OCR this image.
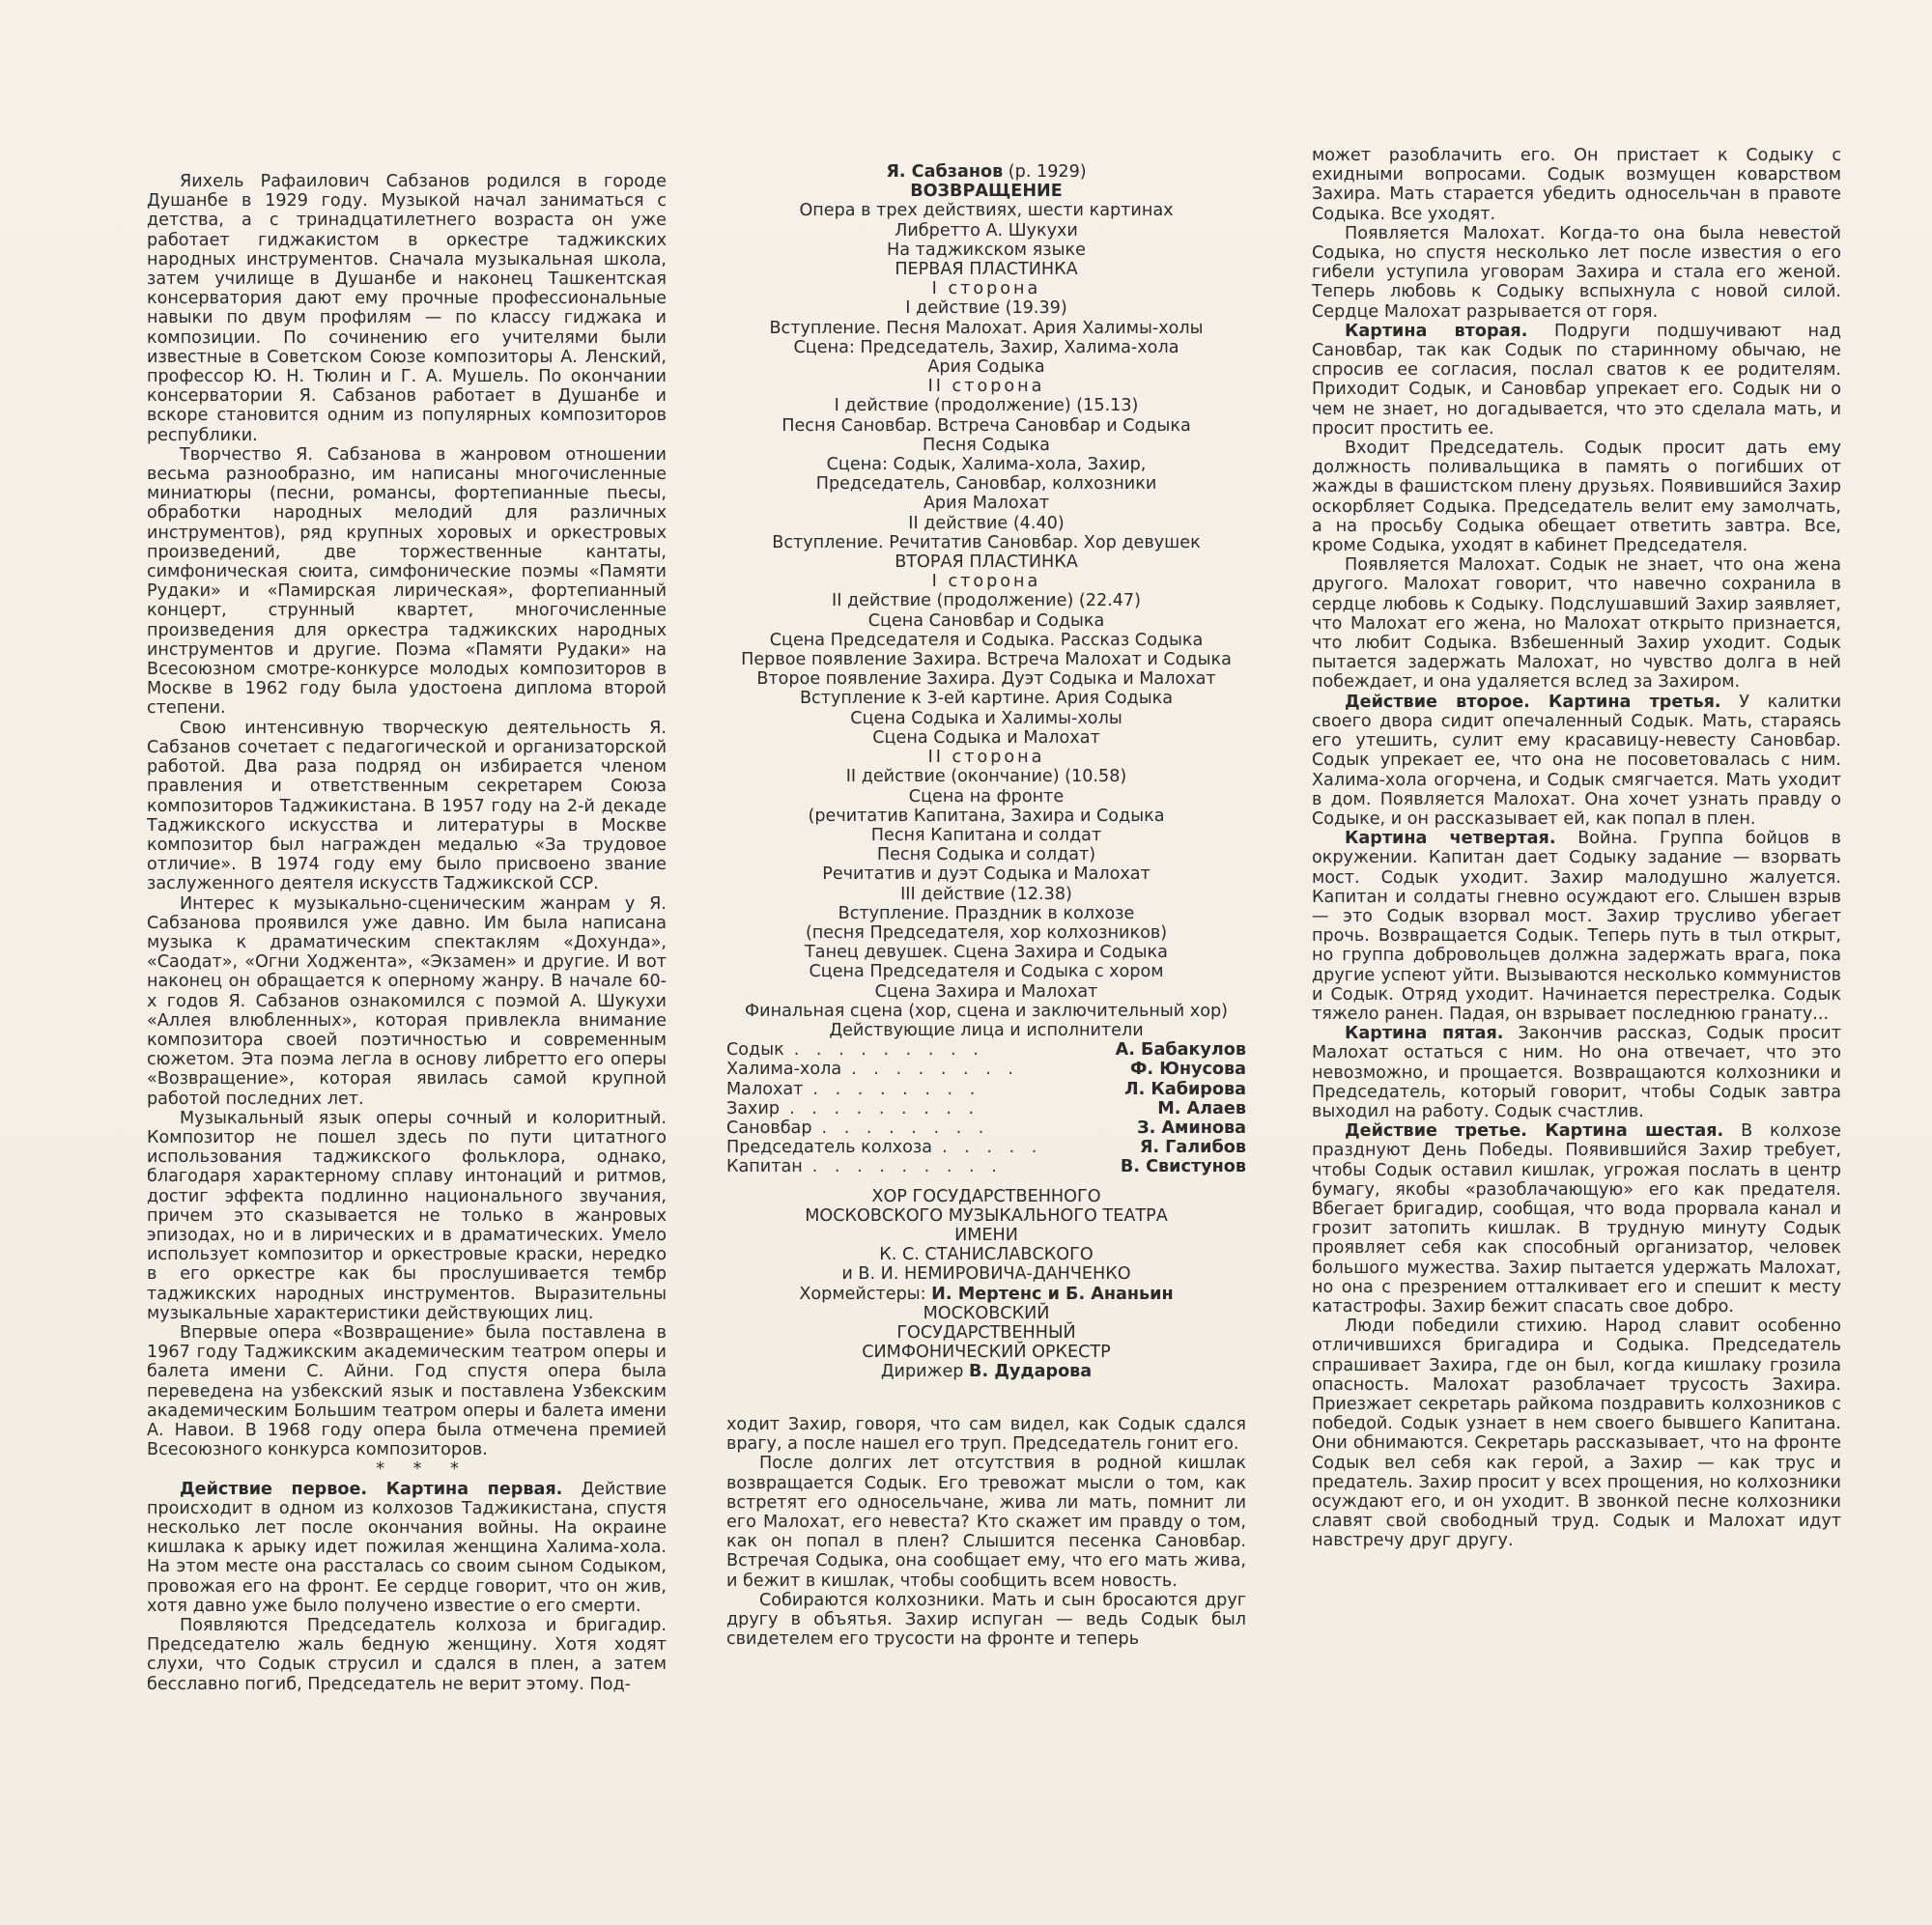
Яихель Рафаилович Сабзанов родился в городе Душанбе в 1929 году. Музыкой начал заниматься с детства, а с тринадцатилетнего возраста он уже работает гиджакистом в оркестре таджикских народных инструментов. Сначала музыкальная школа, затем училище в Душанбе и наконец Ташкентская консерватория дают ему прочные профессиональные навыки по двум профилям — по классу гиджака и композиции. По сочинению его учителями были известные в Советском Союзе композиторы А. Ленский, профессор Ю. Н. Тюлин и Г. А. Мушель. По окончании консерватории Я. Сабзанов работает в Душанбе и вскоре становится одним из популярных композиторов республики.

Творчество Я. Сабзанова в жанровом отношении весьма разнообразно, им написаны многочисленные миниатюры (песни, романсы, фортепианные пьесы, обработки народных мелодий для различных инструментов), ряд крупных хоровых и оркестровых произведений, две торжественные кантаты, симфоническая сюита, симфонические поэмы «Памяти Рудаки» и «Памирская лирическая», фортепианный концерт, струнный квартет, многочисленные произведения для оркестра таджикских народных инструментов и другие. Поэма «Памяти Рудаки» на Всесоюзном смотре-конкурсе молодых композиторов в Москве в 1962 году была удостоена диплома второй степени.

Свою интенсивную творческую деятельность Я. Сабзанов сочетает с педагогической и организаторской работой. Два раза подряд он избирается членом правления и ответственным секретарем Союза композиторов Таджикистана. В 1957 году на 2-й декаде Таджикского искусства и литературы в Москве композитор был награжден медалью «За трудовое отличие». В 1974 году ему было присвоено звание заслуженного деятеля искусств Таджикской ССР.

Интерес к музыкально-сценическим жанрам у Я. Сабзанова проявился уже давно. Им была написана музыка к драматическим спектаклям «Дохунда», «Саодат», «Огни Ходжента», «Экзамен» и другие. И вот наконец он обращается к оперному жанру. В начале 60-х годов Я. Сабзанов ознакомился с поэмой А. Шукухи «Аллея влюбленных», которая привлекла внимание композитора своей поэтичностью и современным сюжетом. Эта поэма легла в основу либретто его оперы «Возвращение», которая явилась самой крупной работой последних лет.

Музыкальный язык оперы сочный и колоритный. Композитор не пошел здесь по пути цитатного использования таджикского фольклора, однако, благодаря характерному сплаву интонаций и ритмов, достиг эффекта подлинно национального звучания, причем это сказывается не только в жанровых эпизодах, но и в лирических и в драматических. Умело использует композитор и оркестровые краски, нередко в его оркестре как бы прослушивается тембр таджикских народных инструментов. Выразительны музыкальные характеристики действующих лиц.

Впервые опера «Возвращение» была поставлена в 1967 году Таджикским академическим театром оперы и балета имени С. Айни. Год спустя опера была переведена на узбекский язык и поставлена Узбекским академическим Большим театром оперы и балета имени А. Навои. В 1968 году опера была отмечена премией Всесоюзного конкурса композиторов.

* * *

Действие первое. Картина первая. Действие происходит в одном из колхозов Таджикистана, спустя несколько лет после окончания войны. На окраине кишлака к арыку идет пожилая женщина Халима-хола. На этом месте она рассталась со своим сыном Содыком, провожая его на фронт. Ее сердце говорит, что он жив, хотя давно уже было получено известие о его смерти.

Появляются Председатель колхоза и бригадир. Председателю жаль бедную женщину. Хотя ходят слухи, что Содык струсил и сдался в плен, а затем бесславно погиб, Председатель не верит этому. Под-

Я. Сабзанов (р. 1929)
ВОЗВРАЩЕНИЕ
Опера в трех действиях, шести картинах
Либретто А. Шукухи
На таджикском языке
ПЕРВАЯ ПЛАСТИНКА
I сторона
I действие (19.39)
Вступление. Песня Малохат. Ария Халимы-холы
Сцена: Председатель, Захир, Халима-хола
Ария Содыка
II сторона
I действие (продолжение) (15.13)
Песня Сановбар. Встреча Сановбар и Содыка
Песня Содыка
Сцена: Содык, Халима-хола, Захир,
Председатель, Сановбар, колхозники
Ария Малохат
II действие (4.40)
Вступление. Речитатив Сановбар. Хор девушек
ВТОРАЯ ПЛАСТИНКА
I сторона
II действие (продолжение) (22.47)
Сцена Сановбар и Содыка
Сцена Председателя и Содыка. Рассказ Содыка
Первое появление Захира. Встреча Малохат и Содыка
Второе появление Захира. Дуэт Содыка и Малохат
Вступление к 3-ей картине. Ария Содыка
Сцена Содыка и Халимы-холы
Сцена Содыка и Малохат
II сторона
II действие (окончание) (10.58)
Сцена на фронте
(речитатив Капитана, Захира и Содыка
Песня Капитана и солдат
Песня Содыка и солдат)
Речитатив и дуэт Содыка и Малохат
III действие (12.38)
Вступление. Праздник в колхозе
(песня Председателя, хор колхозников)
Танец девушек. Сцена Захира и Содыка
Сцена Председателя и Содыка с хором
Сцена Захира и Малохат
Финальная сцена (хор, сцена и заключительный хор)
Действующие лица и исполнители
Содык . . . . . . . . .	А. Бабакулов
Халима-хола . . . . . . . .	Ф. Юнусова
Малохат . . . . . . . .	Л. Кабирова
Захир . . . . . . . . .	М. Алаев
Сановбар . . . . . . . .	З. Аминова
Председатель колхоза . . . . .	Я. Галибов
Капитан . . . . . . . . .	В. Свистунов
ХОР ГОСУДАРСТВЕННОГО
МОСКОВСКОГО МУЗЫКАЛЬНОГО ТЕАТРА
ИМЕНИ
К. С. СТАНИСЛАВСКОГО
и В. И. НЕМИРОВИЧА-ДАНЧЕНКО
Хормейстеры: И. Мертенс и Б. Ананьин
МОСКОВСКИЙ
ГОСУДАРСТВЕННЫЙ
СИМФОНИЧЕСКИЙ ОРКЕСТР
Дирижер В. Дударова

ходит Захир, говоря, что сам видел, как Содык сдался врагу, а после нашел его труп. Председатель гонит его.

После долгих лет отсутствия в родной кишлак возвращается Содык. Его тревожат мысли о том, как встретят его односельчане, жива ли мать, помнит ли его Малохат, его невеста? Кто скажет им правду о том, как он попал в плен? Слышится песенка Сановбар. Встречая Содыка, она сообщает ему, что его мать жива, и бежит в кишлак, чтобы сообщить всем новость.

Собираются колхозники. Мать и сын бросаются друг другу в объятья. Захир испуган — ведь Содык был свидетелем его трусости на фронте и теперь

может разоблачить его. Он пристает к Содыку с ехидными вопросами. Содык возмущен коварством Захира. Мать старается убедить односельчан в правоте Содыка. Все уходят.

Появляется Малохат. Когда-то она была невестой Содыка, но спустя несколько лет после известия о его гибели уступила уговорам Захира и стала его женой. Теперь любовь к Содыку вспыхнула с новой силой. Сердце Малохат разрывается от горя.

Картина вторая. Подруги подшучивают над Сановбар, так как Содык по старинному обычаю, не спросив ее согласия, послал сватов к ее родителям. Приходит Содык, и Сановбар упрекает его. Содык ни о чем не знает, но догадывается, что это сделала мать, и просит простить ее.

Входит Председатель. Содык просит дать ему должность поливальщика в память о погибших от жажды в фашистском плену друзьях. Появившийся Захир оскорбляет Содыка. Председатель велит ему замолчать, а на просьбу Содыка обещает ответить завтра. Все, кроме Содыка, уходят в кабинет Председателя.

Появляется Малохат. Содык не знает, что она жена другого. Малохат говорит, что навечно сохранила в сердце любовь к Содыку. Подслушавший Захир заявляет, что Малохат его жена, но Малохат открыто признается, что любит Содыка. Взбешенный Захир уходит. Содык пытается задержать Малохат, но чувство долга в ней побеждает, и она удаляется вслед за Захиром.

Действие второе. Картина третья. У калитки своего двора сидит опечаленный Содык. Мать, стараясь его утешить, сулит ему красавицу-невесту Сановбар. Содык упрекает ее, что она не посоветовалась с ним. Халима-хола огорчена, и Содык смягчается. Мать уходит в дом. Появляется Малохат. Она хочет узнать правду о Содыке, и он рассказывает ей, как попал в плен.

Картина четвертая. Война. Группа бойцов в окружении. Капитан дает Содыку задание — взорвать мост. Содык уходит. Захир малодушно жалуется. Капитан и солдаты гневно осуждают его. Слышен взрыв — это Содык взорвал мост. Захир трусливо убегает прочь. Возвращается Содык. Теперь путь в тыл открыт, но группа добровольцев должна задержать врага, пока другие успеют уйти. Вызываются несколько коммунистов и Содык. Отряд уходит. Начинается перестрелка. Содык тяжело ранен. Падая, он взрывает последнюю гранату...

Картина пятая. Закончив рассказ, Содык просит Малохат остаться с ним. Но она отвечает, что это невозможно, и прощается. Возвращаются колхозники и Председатель, который говорит, чтобы Содык завтра выходил на работу. Содык счастлив.

Действие третье. Картина шестая. В колхозе празднуют День Победы. Появившийся Захир требует, чтобы Содык оставил кишлак, угрожая послать в центр бумагу, якобы «разоблачающую» его как предателя. Вбегает бригадир, сообщая, что вода прорвала канал и грозит затопить кишлак. В трудную минуту Содык проявляет себя как способный организатор, человек большого мужества. Захир пытается удержать Малохат, но она с презрением отталкивает его и спешит к месту катастрофы. Захир бежит спасать свое добро.

Люди победили стихию. Народ славит особенно отличившихся бригадира и Содыка. Председатель спрашивает Захира, где он был, когда кишлаку грозила опасность. Малохат разоблачает трусость Захира. Приезжает секретарь райкома поздравить колхозников с победой. Содык узнает в нем своего бывшего Капитана. Они обнимаются. Секретарь рассказывает, что на фронте Содык вел себя как герой, а Захир — как трус и предатель. Захир просит у всех прощения, но колхозники осуждают его, и он уходит. В звонкой песне колхозники славят свой свободный труд. Содык и Малохат идут навстречу друг другу.
